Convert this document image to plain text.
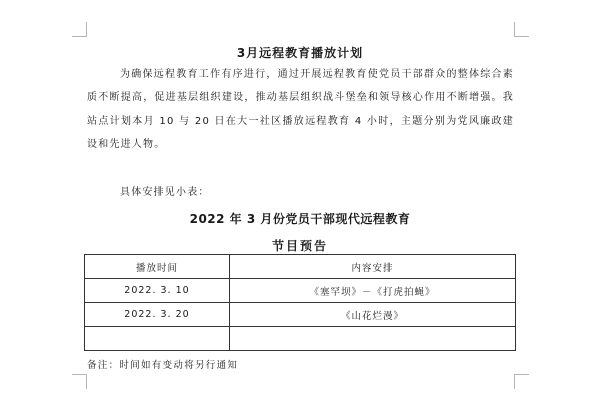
3月远程教育播放计划
为确保远程教育工作有序进行，通过开展远程教育使党员干部群众的整体综合素质不断提高，促进基层组织建设，推动基层组织战斗堡垒和领导核心作用不断增强。我站点计划本月 10 与 20 日在大一社区播放远程教育 4 小时，主题分别为党风廉政建设和先进人物。
具体安排见小表：
2022 年 3 月份党员干部现代远程教育
节目预告
播放时间	内容安排
2022. 3. 10	《塞罕坝》－《打虎拍蝇》
2022. 3. 20	《山花烂漫》

备注：时间如有变动将另行通知
